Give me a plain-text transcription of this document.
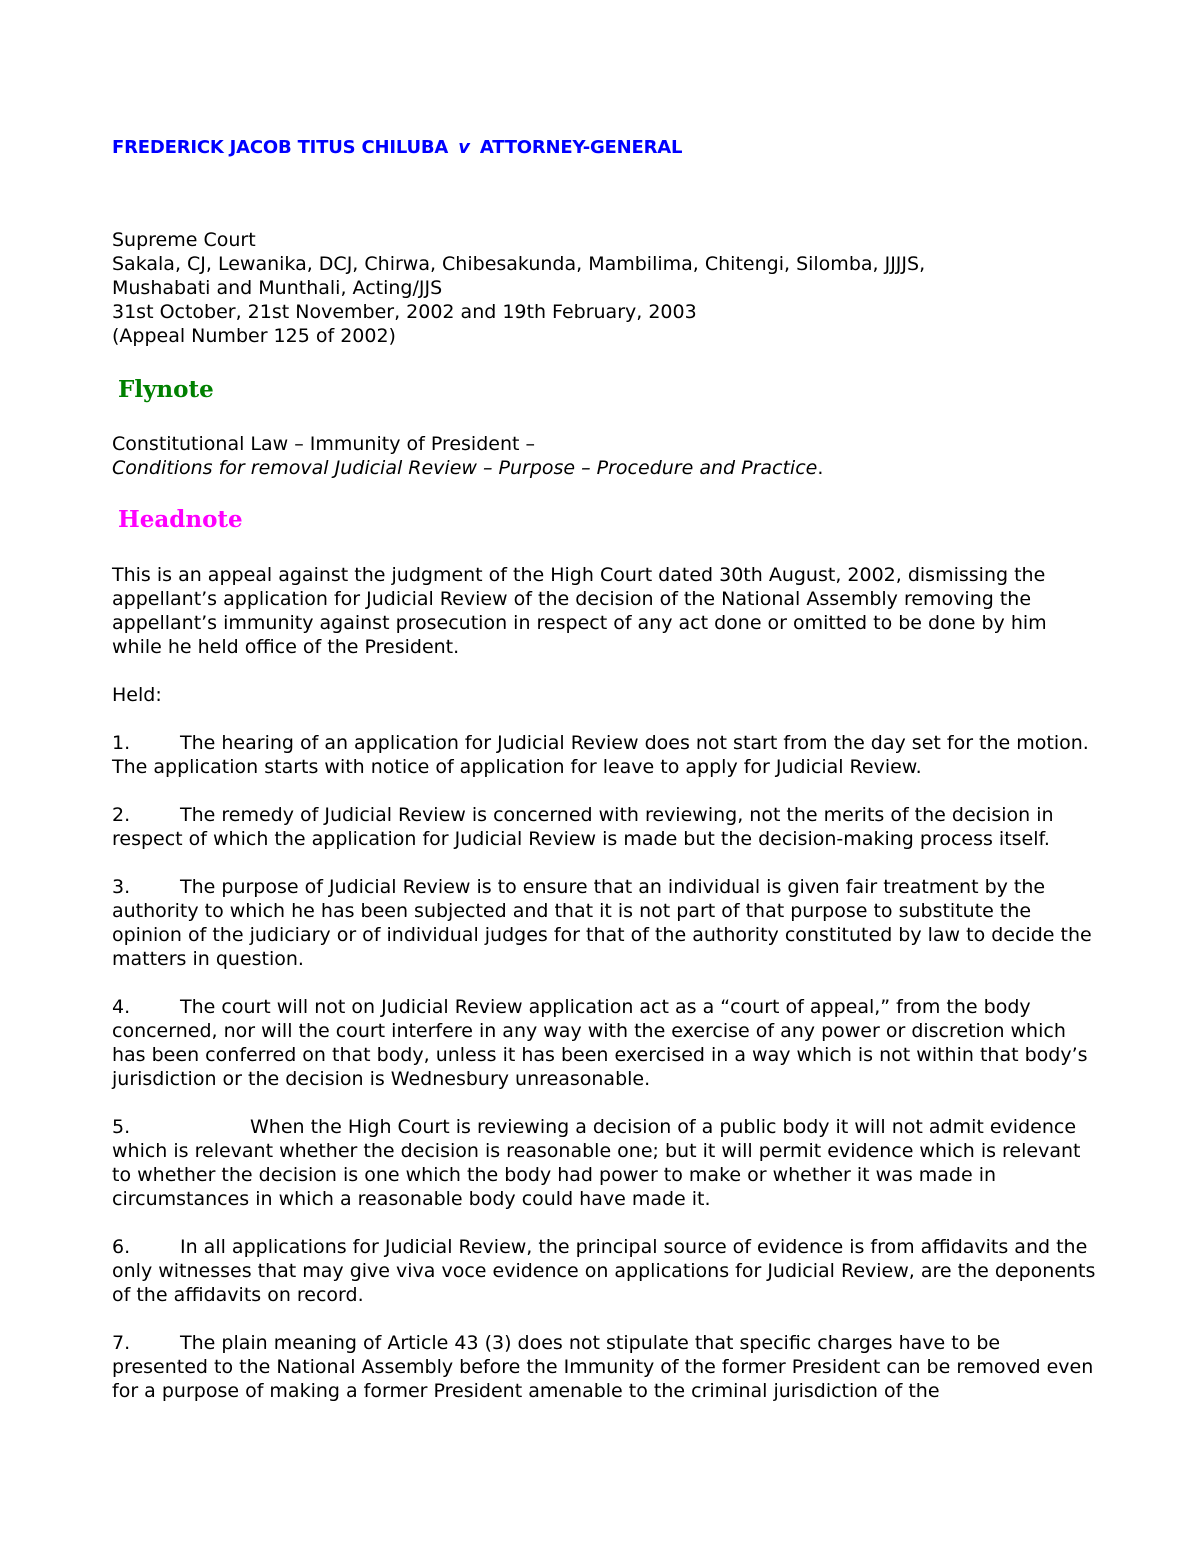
FREDERICK JACOB TITUS CHILUBA v ATTORNEY-GENERAL
Supreme Court
Sakala, CJ, Lewanika, DCJ, Chirwa, Chibesakunda, Mambilima, Chitengi, Silomba, JJJJS,
Mushabati and Munthali, Acting/JJS
31st October, 21st November, 2002 and 19th February, 2003
(Appeal Number 125 of 2002)
Flynote
Constitutional Law – Immunity of President –
Conditions for removal Judicial Review – Purpose – Procedure and Practice.
Headnote

This is an appeal against the judgment of the High Court dated 30th August, 2002, dismissing the appellant’s application for Judicial Review of the decision of the National Assembly removing the appellant’s immunity against prosecution in respect of any act done or omitted to be done by him while he held office of the President.

Held:

1.	The hearing of an application for Judicial Review does not start from the day set for the motion. The application starts with notice of application for leave to apply for Judicial Review.

2.	The remedy of Judicial Review is concerned with reviewing, not the merits of the decision in respect of which the application for Judicial Review is made but the decision-making process itself.

3.	The purpose of Judicial Review is to ensure that an individual is given fair treatment by the authority to which he has been subjected and that it is not part of that purpose to substitute the opinion of the judiciary or of individual judges for that of the authority constituted by law to decide the matters in question.

4.	The court will not on Judicial Review application act as a “court of appeal,” from the body concerned, nor will the court interfere in any way with the exercise of any power or discretion which has been conferred on that body, unless it has been exercised in a way which is not within that body’s jurisdiction or the decision is Wednesbury unreasonable.

5.	When the High Court is reviewing a decision of a public body it will not admit evidence which is relevant whether the decision is reasonable one; but it will permit evidence which is relevant to whether the decision is one which the body had power to make or whether it was made in circumstances in which a reasonable body could have made it.

6.	In all applications for Judicial Review, the principal source of evidence is from affidavits and the only witnesses that may give viva voce evidence on applications for Judicial Review, are the deponents of the affidavits on record.

7.	The plain meaning of Article 43 (3) does not stipulate that specific charges have to be presented to the National Assembly before the Immunity of the former President can be removed even for a purpose of making a former President amenable to the criminal jurisdiction of the
